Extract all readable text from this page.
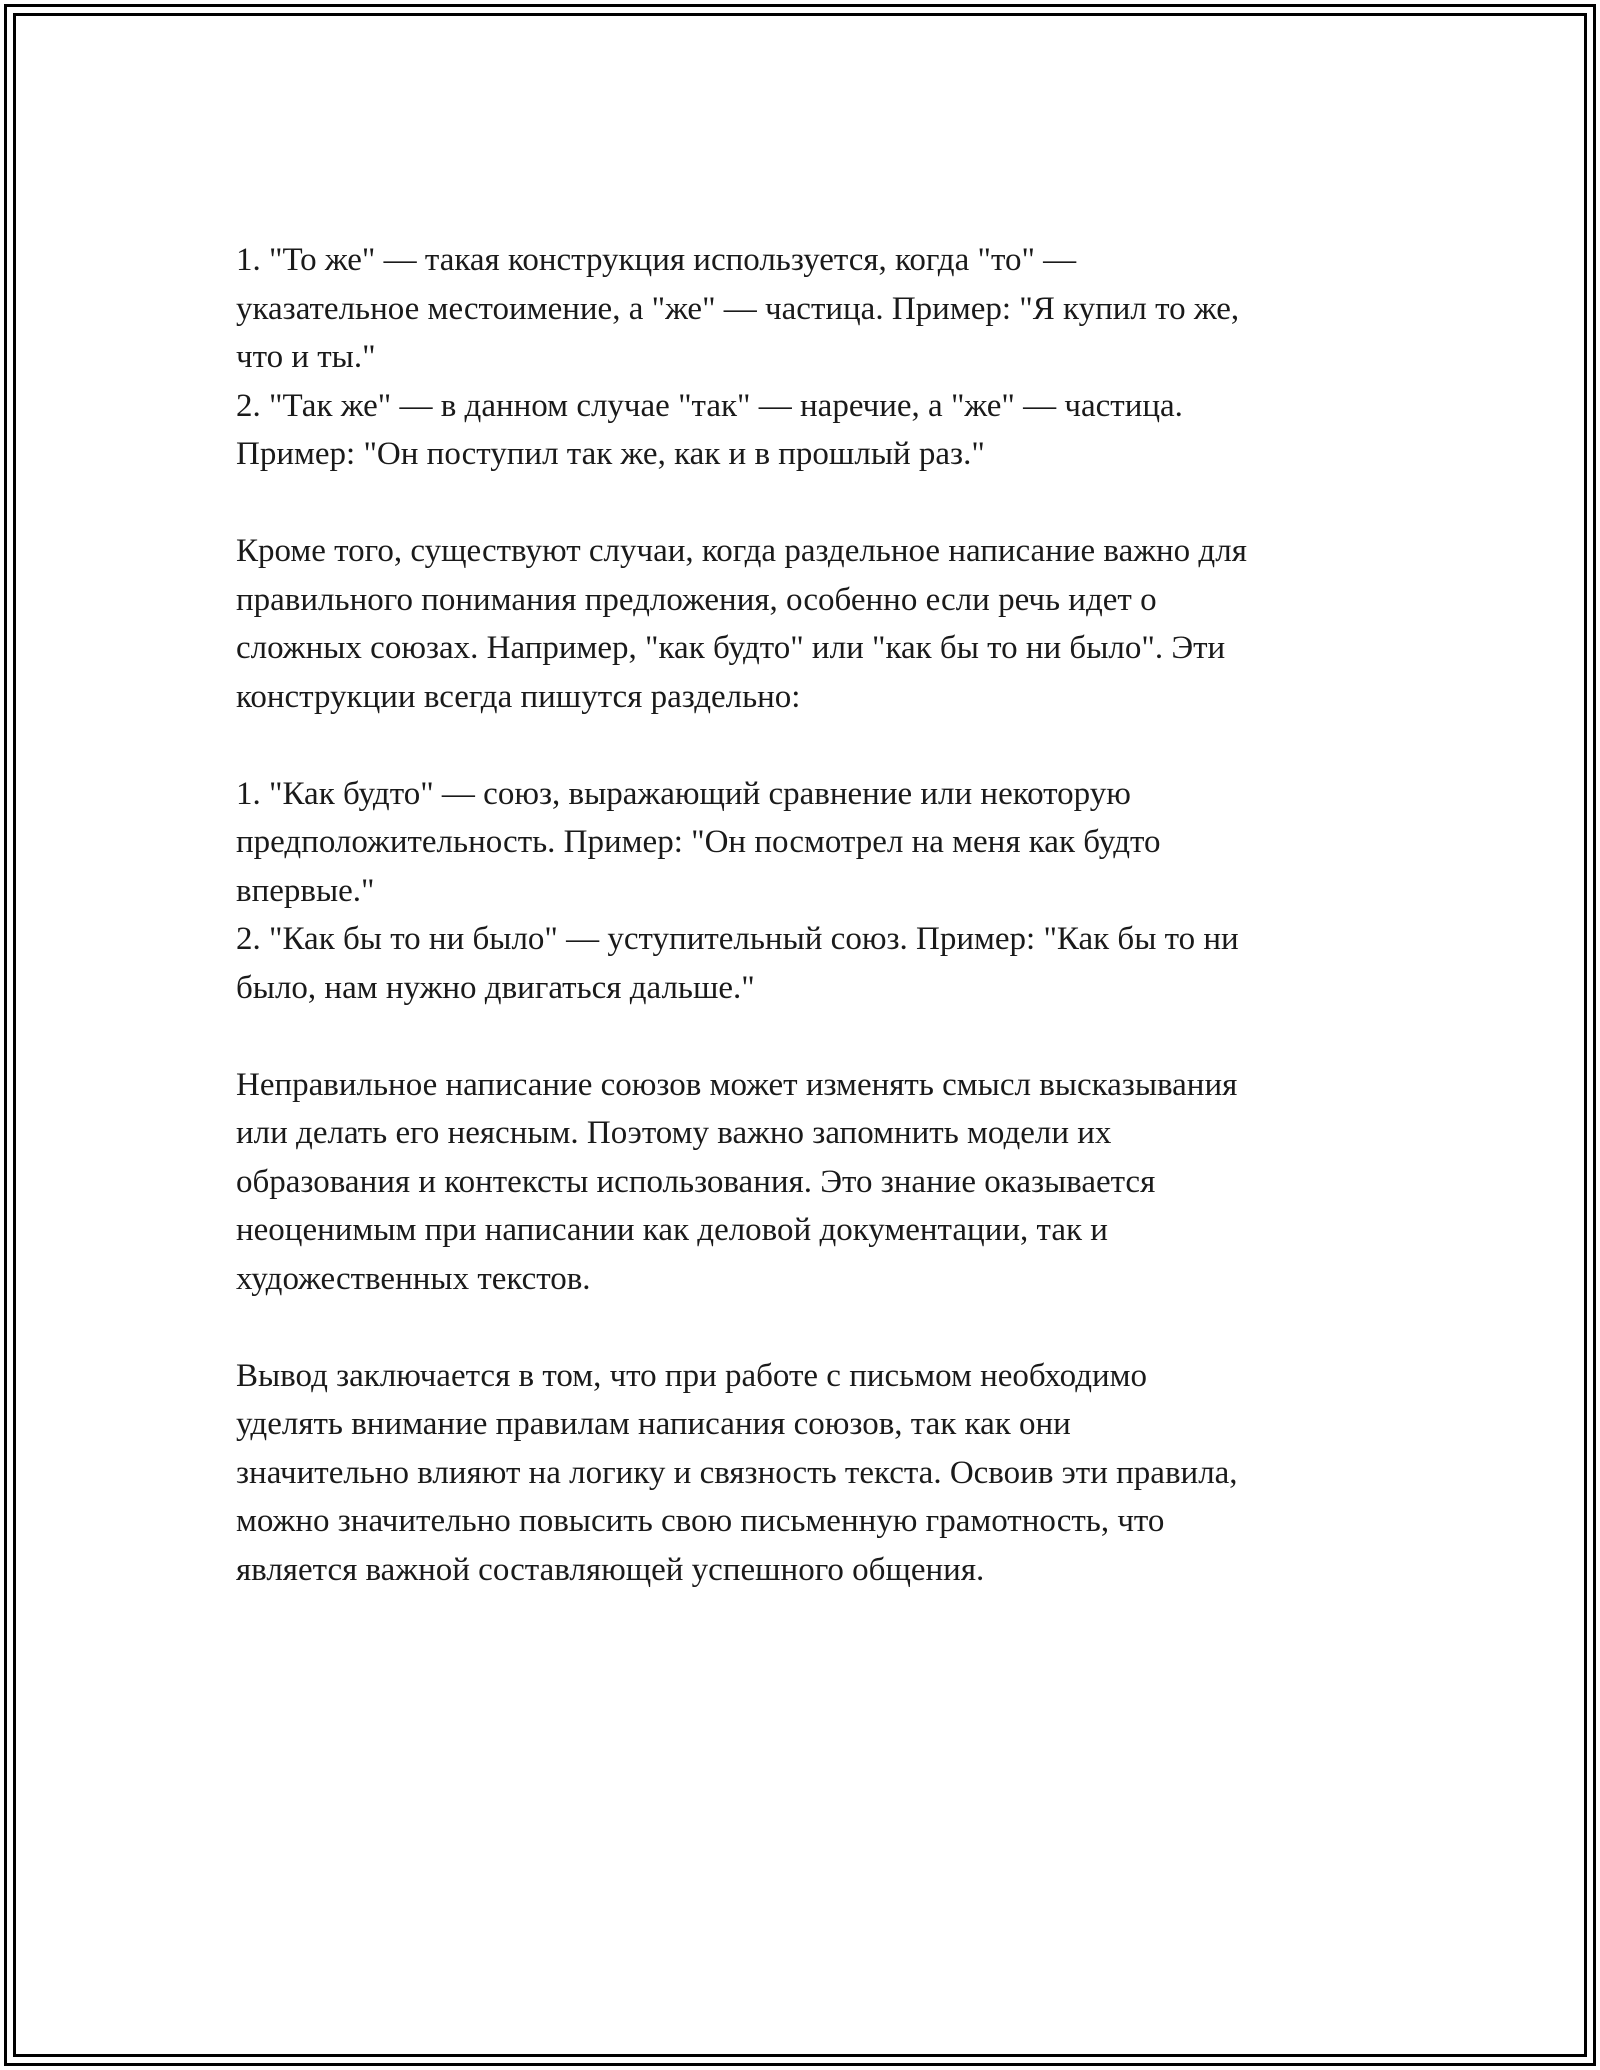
1. "То же" — такая конструкция используется, когда "то" —
указательное местоимение, а "же" — частица. Пример: "Я купил то же,
что и ты."
2. "Так же" — в данном случае "так" — наречие, а "же" — частица.
Пример: "Он поступил так же, как и в прошлый раз."

Кроме того, существуют случаи, когда раздельное написание важно для
правильного понимания предложения, особенно если речь идет о
сложных союзах. Например, "как будто" или "как бы то ни было". Эти
конструкции всегда пишутся раздельно:

1. "Как будто" — союз, выражающий сравнение или некоторую
предположительность. Пример: "Он посмотрел на меня как будто
впервые."
2. "Как бы то ни было" — уступительный союз. Пример: "Как бы то ни
было, нам нужно двигаться дальше."

Неправильное написание союзов может изменять смысл высказывания
или делать его неясным. Поэтому важно запомнить модели их
образования и контексты использования. Это знание оказывается
неоценимым при написании как деловой документации, так и
художественных текстов.

Вывод заключается в том, что при работе с письмом необходимо
уделять внимание правилам написания союзов, так как они
значительно влияют на логику и связность текста. Освоив эти правила,
можно значительно повысить свою письменную грамотность, что
является важной составляющей успешного общения.
